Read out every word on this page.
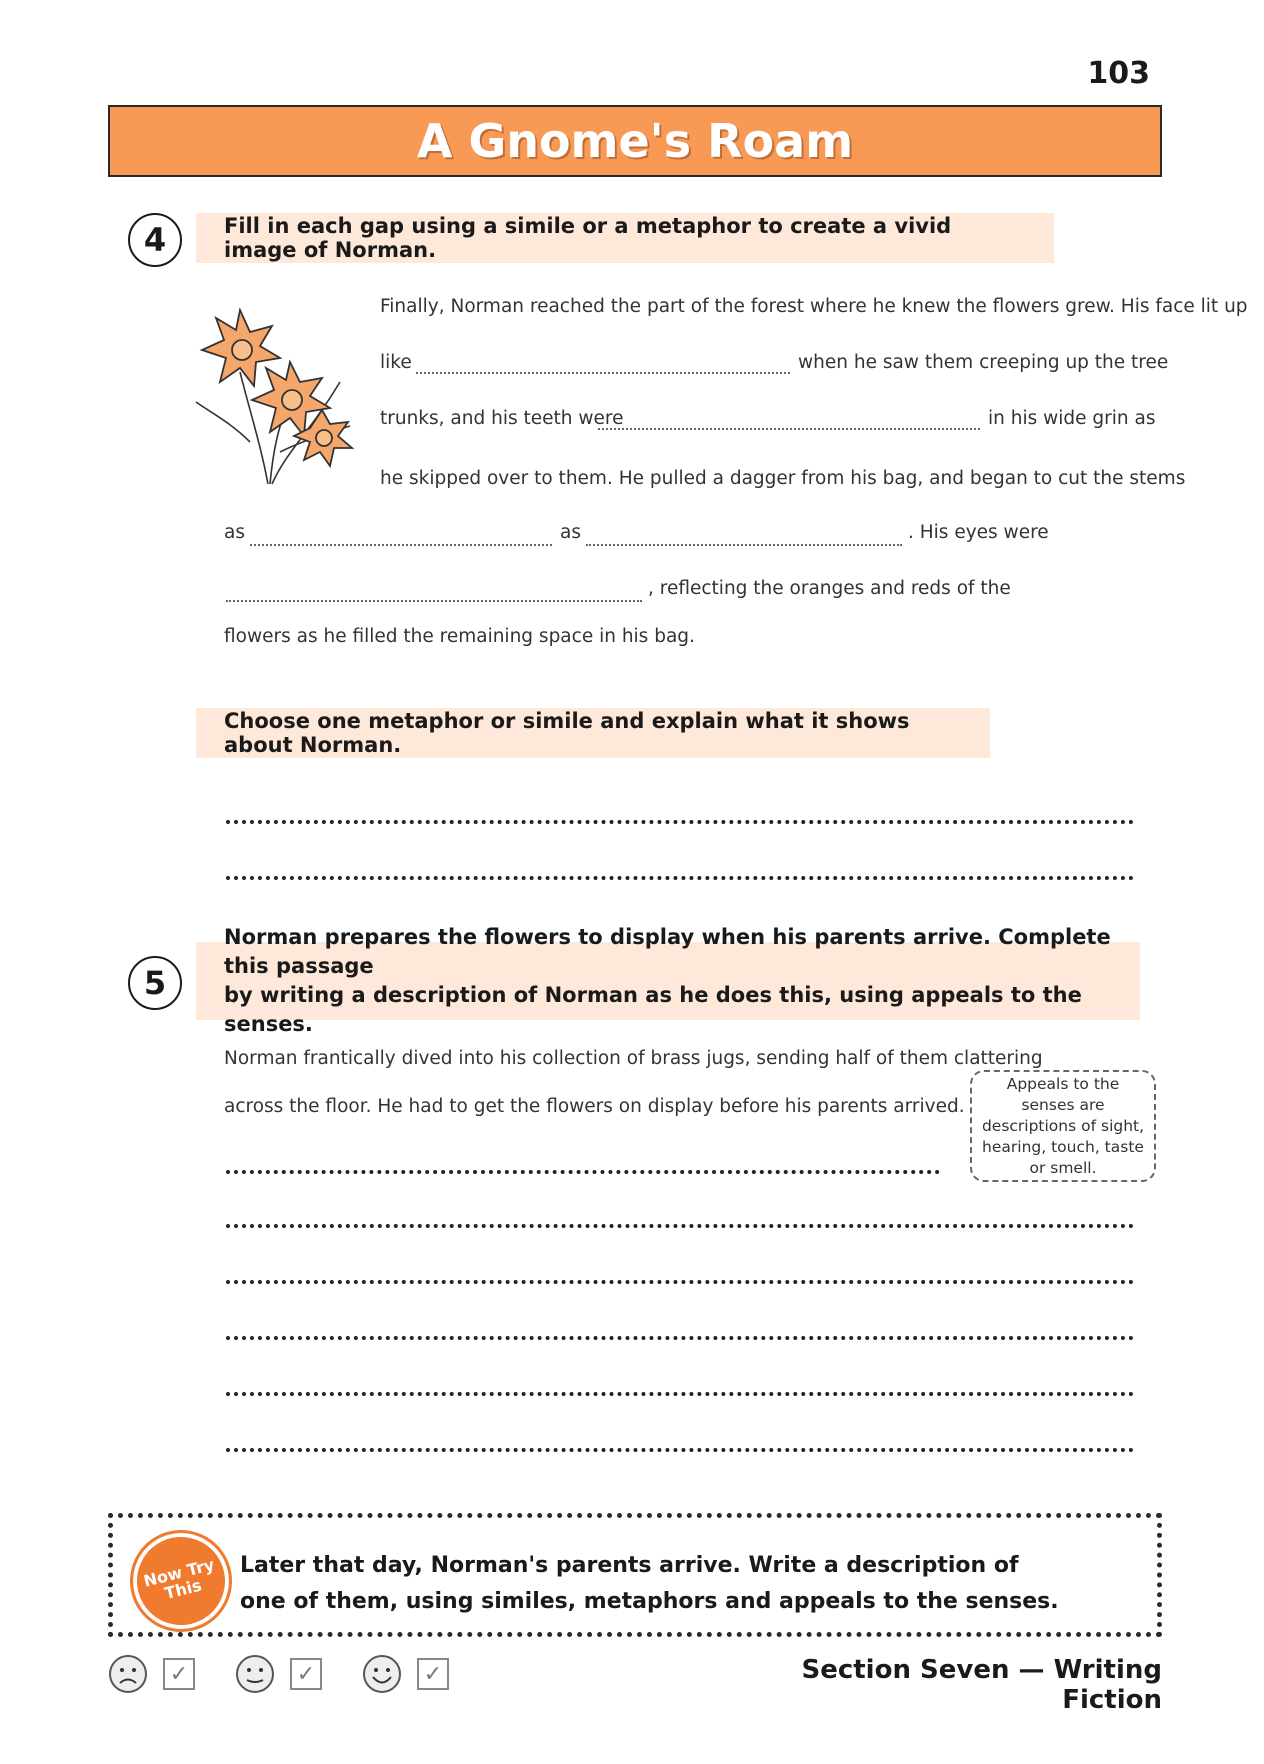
103
A Gnome's Roam
4	Fill in each gap using a simile or a metaphor to create a vivid image of Norman.
Finally, Norman reached the part of the forest where he knew the flowers grew. His face lit up
like	when he saw them creeping up the tree
trunks, and his teeth were	in his wide grin as
he skipped over to them. He pulled a dagger from his bag, and began to cut the stems
as	as	. His eyes were
, reflecting the oranges and reds of the
flowers as he filled the remaining space in his bag.
Choose one metaphor or simile and explain what it shows about Norman.
5
Norman prepares the flowers to display when his parents arrive. Complete this passage
by writing a description of Norman as he does this, using appeals to the senses.
Norman frantically dived into his collection of brass jugs, sending half of them clattering
across the floor. He had to get the flowers on display before his parents arrived.
Appeals to the senses are descriptions of sight, hearing, touch, taste or smell.
Now Try This
Later that day, Norman's parents arrive. Write a description of
one of them, using similes, metaphors and appeals to the senses.
✓	✓	✓	Section Seven — Writing Fiction
